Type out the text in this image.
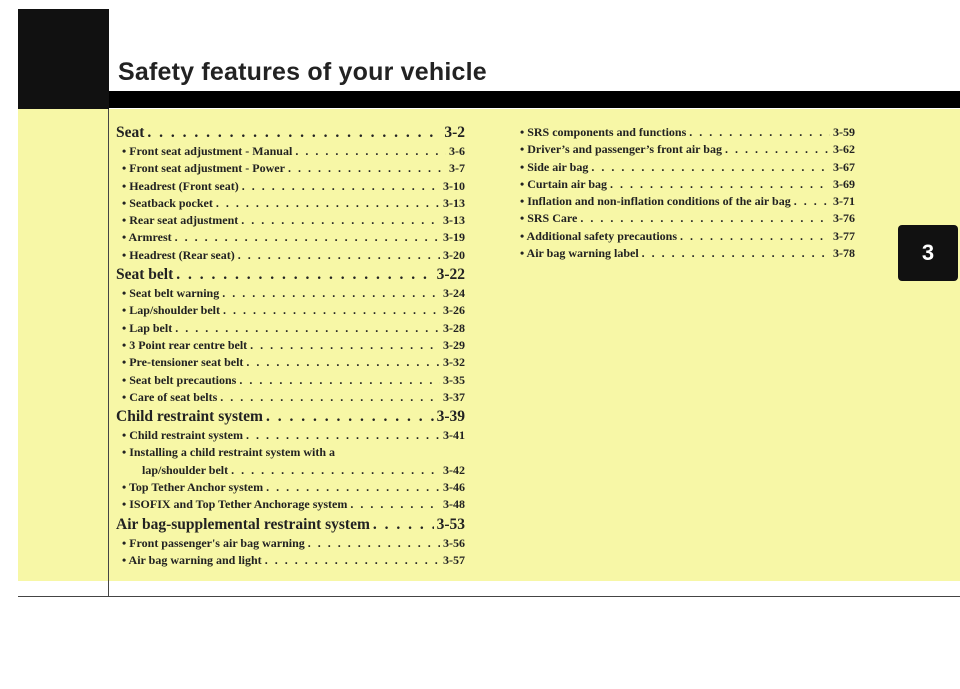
Safety features of your vehicle
3
Seat . . .	3-2
• Front seat adjustment - Manual . . .	3-6
• Front seat adjustment - Power . . .	3-7
• Headrest (Front seat) . . .	3-10
• Seatback pocket . . .	3-13
• Rear seat adjustment . . .	3-13
• Armrest . . .	3-19
• Headrest (Rear seat) . . .	3-20
Seat belt . . .	3-22
• Seat belt warning . . .	3-24
• Lap/shoulder belt . . .	3-26
• Lap belt . . .	3-28
• 3 Point rear centre belt . . .	3-29
• Pre-tensioner seat belt . . .	3-32
• Seat belt precautions . . .	3-35
• Care of seat belts . . .	3-37
Child restraint system . . .	3-39
• Child restraint system . . .	3-41
• Installing a child restraint system with a
lap/shoulder belt . . .	3-42
• Top Tether Anchor system . . .	3-46
• ISOFIX and Top Tether Anchorage system . . .	3-48
Air bag-supplemental restraint system . . .	3-53
• Front passenger's air bag warning . . .	3-56
• Air bag warning and light . . .	3-57
• SRS components and functions . . .	3-59
• Driver’s and passenger’s front air bag . . .	3-62
• Side air bag . . .	3-67
• Curtain air bag . . .	3-69
• Inflation and non-inflation conditions of the air bag . . .	3-71
• SRS Care . . .	3-76
• Additional safety precautions . . .	3-77
• Air bag warning label . . .	3-78
